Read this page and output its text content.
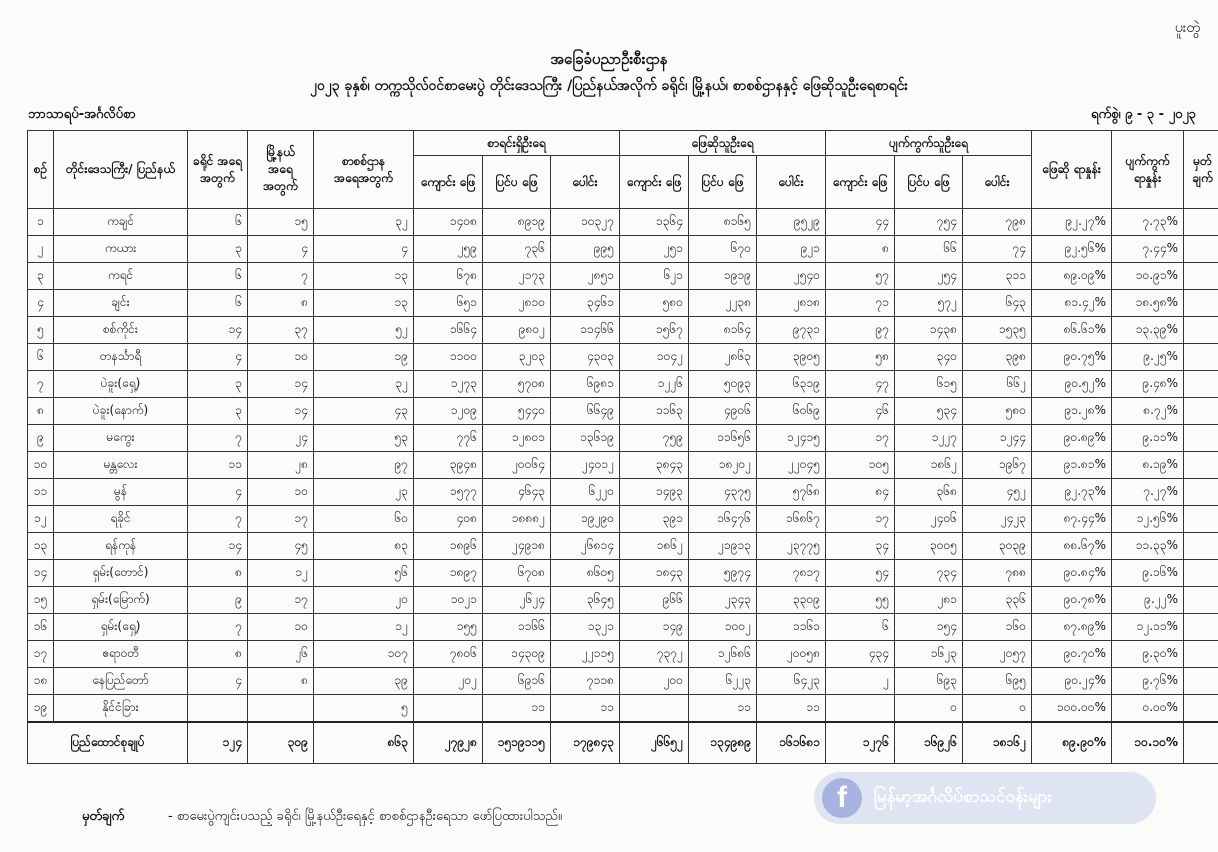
ပူးတွဲ
အခြေခံပညာဦးစီးဌာန
၂၀၂၃ ခုနှစ်၊ တက္ကသိုလ်ဝင်စာမေးပွဲ တိုင်းဒေသကြီး /ပြည်နယ်အလိုက် ခရိုင်၊ မြို့နယ်၊ စာစစ်ဌာနနှင့် ဖြေဆိုသူဦးရေစာရင်း
ဘာသာရပ်-အင်္ဂလိပ်စာ	ရက်စွဲ၊ ၉ - ၃ - ၂၀၂၃
စဉ်	တိုင်းဒေသကြီး/ ပြည်နယ်	ခရိုင် အရေ အတွက်	မြို့နယ် အရေ အတွက်	စာစစ်ဌာန အရေအတွက်	စာရင်းရှိဦးရေ			ဖြေဆိုသူဦးရေ			ပျက်ကွက်သူဦးရေ			ဖြေဆို ရာနှုန်း	ပျက်ကွက် ရာနှုန်း	မှတ် ချက်
					ကျောင်း ဖြေ	ပြင်ပ ဖြေ	ပေါင်း	ကျောင်း ဖြေ	ပြင်ပ ဖြေ	ပေါင်း	ကျောင်း ဖြေ	ပြင်ပ ဖြေ	ပေါင်း			
၁	ကချင်	၆	၁၅	၃၂	၁၄၀၈	၈၉၁၉	၁၀၃၂၇	၁၃၆၄	၈၁၆၅	၉၅၂၉	၄၄	၇၅၄	၇၉၈	၉၂.၂၇%	၇.၇၃%	
၂	ကယား	၃	၄	၄	၂၅၉	၇၃၆	၉၉၅	၂၅၁	၆၇၀	၉၂၁	၈	၆၆	၇၄	၉၂.၅၆%	၇.၄၄%	
၃	ကရင်	၆	၇	၁၃	၆၇၈	၂၁၇၃	၂၈၅၁	၆၂၁	၁၉၁၉	၂၅၄၀	၅၇	၂၅၄	၃၁၁	၈၉.၀၉%	၁၀.၉၁%	
၄	ချင်း	၆	၈	၁၃	၆၅၁	၂၈၁၀	၃၄၆၁	၅၈၀	၂၂၃၈	၂၈၁၈	၇၁	၅၇၂	၆၄၃	၈၁.၄၂%	၁၈.၅၈%	
၅	စစ်ကိုင်း	၁၄	၃၇	၅၂	၁၆၆၄	၉၈၀၂	၁၁၄၆၆	၁၅၆၇	၈၁၆၄	၉၇၃၁	၉၇	၁၄၃၈	၁၅၃၅	၈၆.၆၁%	၁၃.၃၉%	
၆	တနင်္သာရီ	၄	၁၀	၁၉	၁၁၀၀	၃၂၀၃	၄၃၀၃	၁၀၄၂	၂၈၆၃	၃၉၀၅	၅၈	၃၄၀	၃၉၈	၉၀.၇၅%	၉.၂၅%	
၇	ပဲခူး(ရှေ့)	၃	၁၄	၃၂	၁၂၇၃	၅၇၀၈	၆၉၈၁	၁၂၂၆	၅၀၉၃	၆၃၁၉	၄၇	၆၁၅	၆၆၂	၉၀.၅၂%	၉.၄၈%	
၈	ပဲခူး(နောက်)	၃	၁၄	၄၃	၁၂၀၉	၅၄၄၀	၆၆၄၉	၁၁၆၃	၄၉၀၆	၆၀၆၉	၄၆	၅၃၄	၅၈၀	၉၁.၂၈%	၈.၇၂%	
၉	မကွေး	၇	၂၄	၅၃	၇၇၆	၁၂၈၀၁	၁၃၆၁၉	၇၅၉	၁၁၆၅၆	၁၂၄၁၅	၁၇	၁၂၂၇	၁၂၄၄	၉၀.၈၉%	၉.၁၁%	
၁၀	မန္တလေး	၁၁	၂၈	၉၇	၃၉၄၈	၂၀၀၆၄	၂၄၀၁၂	၃၈၄၃	၁၈၂၀၂	၂၂၀၄၅	၁၀၅	၁၈၆၂	၁၉၆၇	၉၁.၈၁%	၈.၁၉%	
၁၁	မွန်	၄	၁၀	၂၃	၁၅၇၇	၄၆၄၃	၆၂၂၀	၁၄၉၃	၄၃၇၅	၅၇၆၈	၈၄	၃၆၈	၄၅၂	၉၂.၇၃%	၇.၂၇%	
၁၂	ရခိုင်	၇	၁၇	၆၀	၄၀၈	၁၈၈၈၂	၁၉၂၉၀	၃၉၁	၁၆၄၇၆	၁၆၈၆၇	၁၇	၂၄၀၆	၂၄၂၃	၈၇.၄၄%	၁၂.၅၆%	
၁၃	ရန်ကုန်	၁၄	၄၅	၈၃	၁၈၉၆	၂၄၉၁၈	၂၆၈၁၄	၁၈၆၂	၂၁၉၁၃	၂၃၇၇၅	၃၄	၃၀၀၅	၃၀၃၉	၈၈.၆၇%	၁၁.၃၃%	
၁၄	ရှမ်း(တောင်)	၈	၁၂	၅၆	၁၈၉၇	၆၇၀၈	၈၆၀၅	၁၈၄၃	၅၉၇၄	၇၈၁၇	၅၄	၇၃၄	၇၈၈	၉၀.၈၄%	၉.၁၆%	
၁၅	ရှမ်း(မြောက်)	၉	၁၇	၂၀	၁၀၂၁	၂၆၂၄	၃၆၄၅	၉၆၆	၂၃၄၃	၃၃၀၉	၅၅	၂၈၁	၃၃၆	၉၀.၇၈%	၉.၂၂%	
၁၆	ရှမ်း(ရှေ့)	၇	၁၀	၁၂	၁၅၅	၁၁၆၆	၁၃၂၁	၁၄၉	၁၀၀၂	၁၁၆၁	၆	၁၅၄	၁၆၀	၈၇.၈၉%	၁၂.၁၁%	
၁၇	ဧရာဝတီ	၈	၂၆	၁၀၇	၇၈၀၆	၁၄၃၀၉	၂၂၁၁၅	၇၃၇၂	၁၂၆၈၆	၂၀၀၅၈	၄၃၄	၁၆၂၃	၂၀၅၇	၉၀.၇၀%	၉.၃၀%	
၁၈	နေပြည်တော်	၄	၈	၃၉	၂၀၂	၆၉၁၆	၇၁၁၈	၂၀၀	၆၂၂၃	၆၄၂၃	၂	၆၉၃	၆၉၅	၉၀.၂၄%	၉.၇၆%	
၁၉	နိုင်ငံခြား			၅		၁၁	၁၁		၁၁	၁၁		၀	၀	၁၀၀.၀၀%	၀.၀၀%	
ပြည်ထောင်စုချုပ်		၁၂၄	၃၀၉	၈၆၃	၂၇၉၂၈	၁၅၁၉၁၁၅	၁၇၉၈၄၃	၂၆၆၅၂	၁၃၄၉၈၉	၁၆၁၆၈၁	၁၂၇၆	၁၆၉၂၆	၁၈၁၆၂	၈၉.၉၀%	၁၀.၁၀%	
မှတ်ချက်	- စာမေးပွဲကျင်းပသည့် ခရိုင်၊ မြို့နယ်ဦးရေနှင့် စာစစ်ဌာနဦးရေသာ ဖော်ပြထားပါသည်။
f	မြန်မာ့အင်္ဂလိပ်စာသင်ဝန်းများ
